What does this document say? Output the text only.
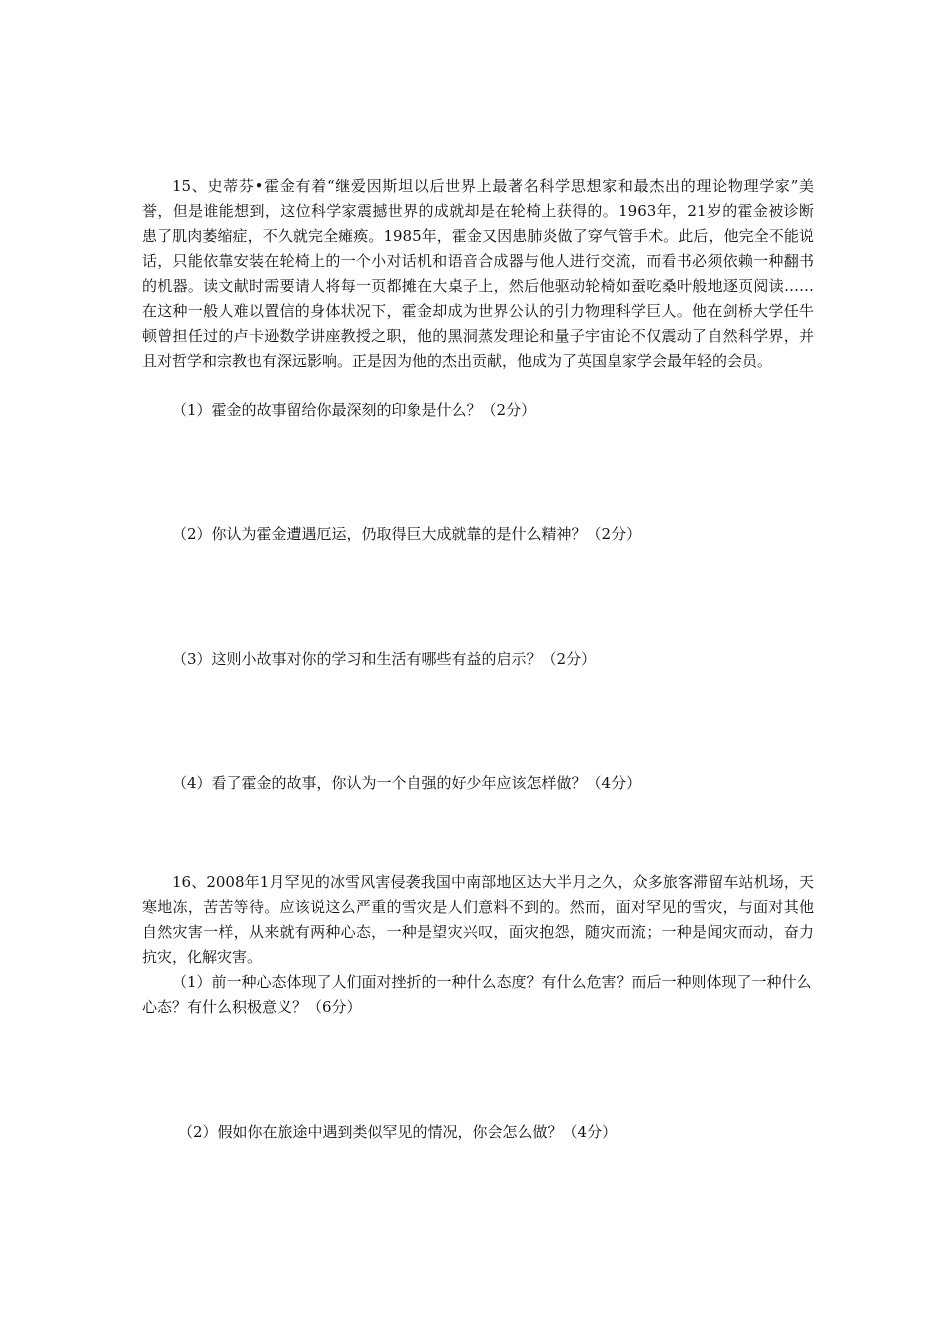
15、史蒂芬•霍金有着“继爱因斯坦以后世界上最著名科学思想家和最杰出的理论物理学家”美誉，但是谁能想到，这位科学家震撼世界的成就却是在轮椅上获得的。1963年，21岁的霍金被诊断患了肌肉萎缩症，不久就完全瘫痪。1985年，霍金又因患肺炎做了穿气管手术。此后，他完全不能说话，只能依靠安装在轮椅上的一个小对话机和语音合成器与他人进行交流，而看书必须依赖一种翻书的机器。读文献时需要请人将每一页都摊在大桌子上，然后他驱动轮椅如蚕吃桑叶般地逐页阅读……在这种一般人难以置信的身体状况下，霍金却成为世界公认的引力物理科学巨人。他在剑桥大学任牛顿曾担任过的卢卡逊数学讲座教授之职，他的黑洞蒸发理论和量子宇宙论不仅震动了自然科学界，并且对哲学和宗教也有深远影响。正是因为他的杰出贡献，他成为了英国皇家学会最年轻的会员。

（1）霍金的故事留给你最深刻的印象是什么？（2分）

（2）你认为霍金遭遇厄运，仍取得巨大成就靠的是什么精神？（2分）

（3）这则小故事对你的学习和生活有哪些有益的启示？（2分）

（4）看了霍金的故事，你认为一个自强的好少年应该怎样做？（4分）

16、2008年1月罕见的冰雪风害侵袭我国中南部地区达大半月之久，众多旅客滞留车站机场，天寒地冻，苦苦等待。应该说这么严重的雪灾是人们意料不到的。然而，面对罕见的雪灾，与面对其他自然灾害一样，从来就有两种心态，一种是望灾兴叹，面灾抱怨，随灾而流；一种是闻灾而动，奋力抗灾，化解灾害。

（1）前一种心态体现了人们面对挫折的一种什么态度？有什么危害？而后一种则体现了一种什么心态？有什么积极意义？（6分）

（2）假如你在旅途中遇到类似罕见的情况，你会怎么做？（4分）
